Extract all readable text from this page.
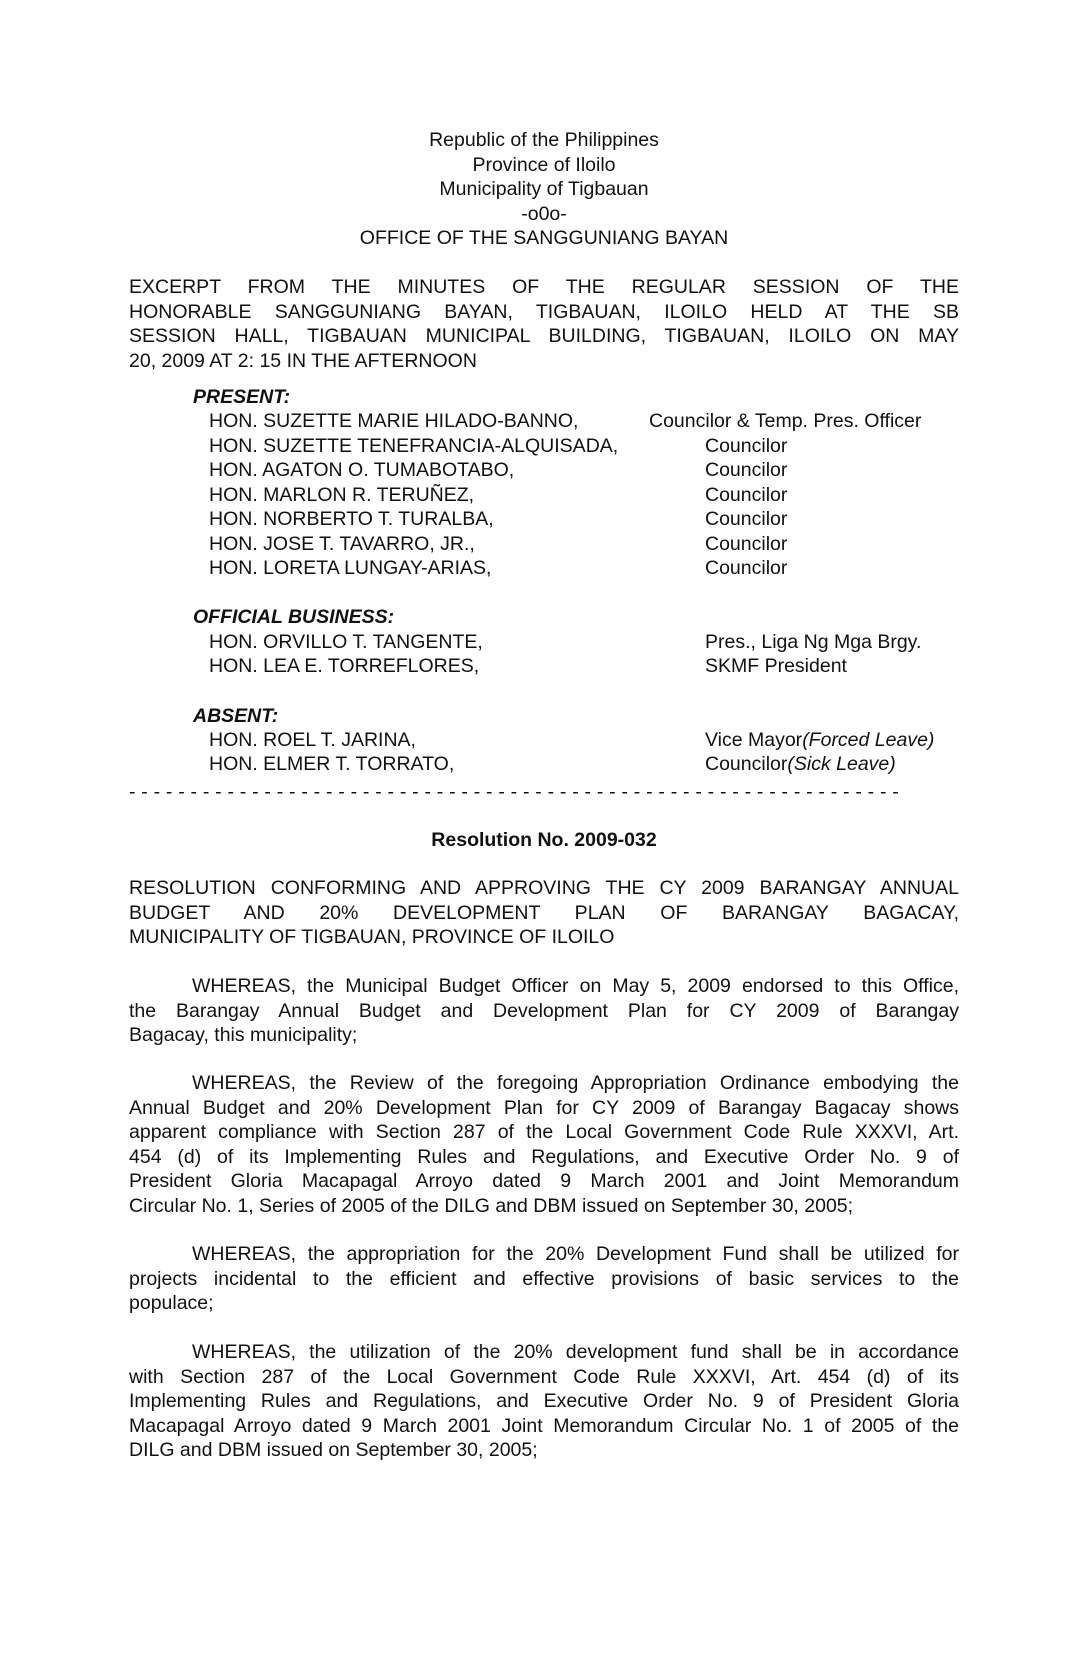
Republic of the Philippines
Province of Iloilo
Municipality of Tigbauan
-o0o-
OFFICE OF THE SANGGUNIANG BAYAN
EXCERPT FROM THE MINUTES OF THE REGULAR SESSION OF THE
HONORABLE SANGGUNIANG BAYAN, TIGBAUAN, ILOILO HELD AT THE SB
SESSION HALL, TIGBAUAN MUNICIPAL BUILDING, TIGBAUAN, ILOILO ON MAY
20, 2009 AT 2: 15 IN THE AFTERNOON
PRESENT:
HON. SUZETTE MARIE HILADO-BANNO,	Councilor & Temp. Pres. Officer
HON. SUZETTE TENEFRANCIA-ALQUISADA,	Councilor
HON. AGATON O. TUMABOTABO,	Councilor
HON. MARLON R. TERUÑEZ,	Councilor
HON. NORBERTO T. TURALBA,	Councilor
HON. JOSE T. TAVARRO, JR.,	Councilor
HON. LORETA LUNGAY-ARIAS,	Councilor
OFFICIAL BUSINESS:
HON. ORVILLO T. TANGENTE,	Pres., Liga Ng Mga Brgy.
HON. LEA E. TORREFLORES,	SKMF President
ABSENT:
HON. ROEL T. JARINA,	Vice Mayor(Forced Leave)
HON. ELMER T. TORRATO,	Councilor(Sick Leave)
- - - - - - - - - - - - - - - - - - - - - - - - - - - - - - - - - - - - - - - - - - - - - - - - - - - - - - - - - - - - - - -
Resolution No. 2009-032
RESOLUTION CONFORMING AND APPROVING THE CY 2009 BARANGAY ANNUAL
BUDGET AND 20% DEVELOPMENT PLAN OF BARANGAY BAGACAY,
MUNICIPALITY OF TIGBAUAN, PROVINCE OF ILOILO
WHEREAS, the Municipal Budget Officer on May 5, 2009 endorsed to this Office,
the Barangay Annual Budget and Development Plan for CY 2009 of Barangay
Bagacay, this municipality;
WHEREAS, the Review of the foregoing Appropriation Ordinance embodying the
Annual Budget and 20% Development Plan for CY 2009 of Barangay Bagacay shows
apparent compliance with Section 287 of the Local Government Code Rule XXXVI, Art.
454 (d) of its Implementing Rules and Regulations, and Executive Order No. 9 of
President Gloria Macapagal Arroyo dated 9 March 2001 and Joint Memorandum
Circular No. 1, Series of 2005 of the DILG and DBM issued on September 30, 2005;
WHEREAS, the appropriation for the 20% Development Fund shall be utilized for
projects incidental to the efficient and effective provisions of basic services to the
populace;
WHEREAS, the utilization of the 20% development fund shall be in accordance
with Section 287 of the Local Government Code Rule XXXVI, Art. 454 (d) of its
Implementing Rules and Regulations, and Executive Order No. 9 of President Gloria
Macapagal Arroyo dated 9 March 2001 Joint Memorandum Circular No. 1 of 2005 of the
DILG and DBM issued on September 30, 2005;
